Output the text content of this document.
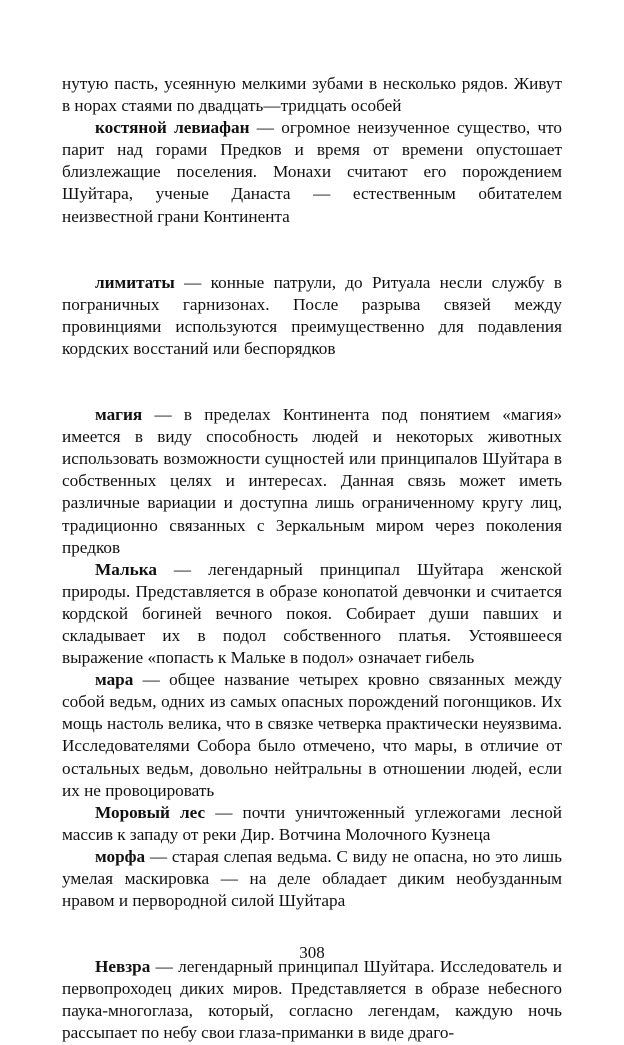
нутую пасть, усеянную мелкими зубами в несколько рядов. Живут в норах стаями по двадцать—тридцать особей

костяной левиафан — огромное неизученное существо, что парит над горами Предков и время от времени опустошает близлежащие поселения. Монахи считают его порождением Шуйтара, ученые Данаста — естественным обитателем неизвестной грани Континента

лимитаты — конные патрули, до Ритуала несли службу в пограничных гарнизонах. После разрыва связей между провинциями используются преимущественно для подавления кордских восстаний или беспорядков

магия — в пределах Континента под понятием «магия» имеется в виду способность людей и некоторых животных использовать возможности сущностей или принципалов Шуйтара в собственных целях и интересах. Данная связь может иметь различные вариации и доступна лишь ограниченному кругу лиц, традиционно связанных с Зеркальным миром через поколения предков

Малька — легендарный принципал Шуйтара женской природы. Представляется в образе конопатой девчонки и считается кордской богиней вечного покоя. Собирает души павших и складывает их в подол собственного платья. Устоявшееся выражение «попасть к Мальке в подол» означает гибель

мара — общее название четырех кровно связанных между собой ведьм, одних из самых опасных порождений погонщиков. Их мощь настоль велика, что в связке четверка практически неуязвима. Исследователями Собора было отмечено, что мары, в отличие от остальных ведьм, довольно нейтральны в отношении людей, если их не провоцировать

Моровый лес — почти уничтоженный углежогами лесной массив к западу от реки Дир. Вотчина Молочного Кузнеца

морфа — старая слепая ведьма. С виду не опасна, но это лишь умелая маскировка — на деле обладает диким необузданным нравом и первородной силой Шуйтара

Невзра — легендарный принципал Шуйтара. Исследователь и первопроходец диких миров. Представляется в образе небесного паука-многоглаза, который, согласно легендам, каждую ночь рассыпает по небу свои глаза-приманки в виде драго-

308
